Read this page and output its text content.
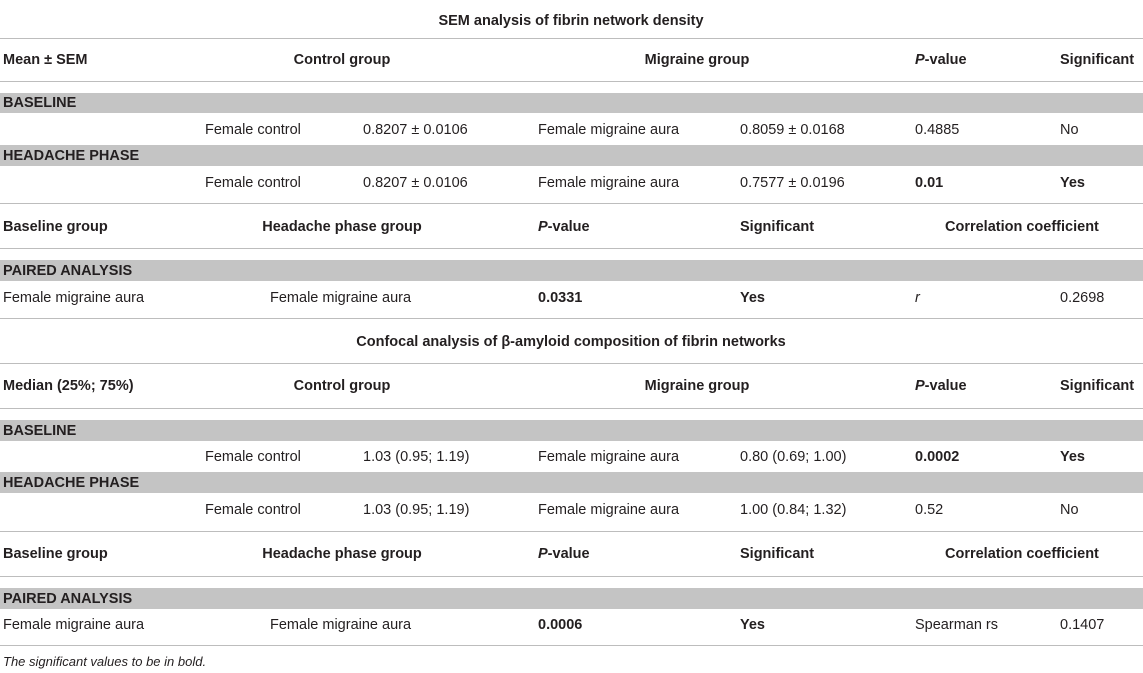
SEM analysis of fibrin network density
Mean ± SEM	Control group	Migraine group	P-value	Significant
BASELINE
Female control	0.8207 ± 0.0106	Female migraine aura	0.8059 ± 0.0168	0.4885	No
HEADACHE PHASE
Female control	0.8207 ± 0.0106	Female migraine aura	0.7577 ± 0.0196	0.01	Yes
Baseline group	Headache phase group	P-value	Significant	Correlation coefficient
PAIRED ANALYSIS
Female migraine aura	Female migraine aura	0.0331	Yes	r	0.2698
Confocal analysis of β-amyloid composition of fibrin networks
Median (25%; 75%)	Control group	Migraine group	P-value	Significant
BASELINE
Female control	1.03 (0.95; 1.19)	Female migraine aura	0.80 (0.69; 1.00)	0.0002	Yes
HEADACHE PHASE
Female control	1.03 (0.95; 1.19)	Female migraine aura	1.00 (0.84; 1.32)	0.52	No
Baseline group	Headache phase group	P-value	Significant	Correlation coefficient
PAIRED ANALYSIS
Female migraine aura	Female migraine aura	0.0006	Yes	Spearman rs	0.1407
The significant values to be in bold.
